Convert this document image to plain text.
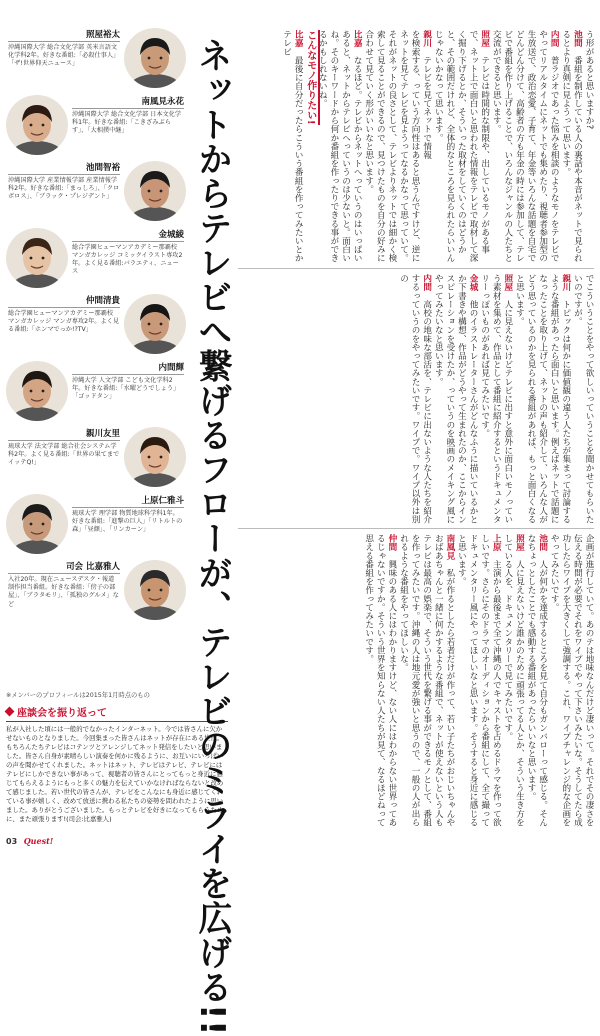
照屋裕太
沖縄国際大学 総合文化学部 英米言語文化学科2年。好きな番組:「必殺仕事人」「ザ!世界仰天ニュース」
南風見永花
沖縄国際大学 総合文化学部 日本文化学科1年。好きな番組:「こきざみぶらす」、「大相撲中継」
池間智裕
沖縄国際大学 産業情報学部 産業情報学科2年。好きな番組:「まっしろ」、「クロボロス」、「ブラック・プレジデント」
金城綾
総合学園ヒューマンアカデミー那覇校 マンガカレッジ コミックイラスト専攻2年。よく見る番組:バラエティ、ニュース
仲間清貴
総合学園ヒューマンアカデミー那覇校 マンガカレッジ マンガ専攻2年。よく見る番組:「ホンマでっか!?TV」
内間輝
沖縄大学 人文学部 こども文化学科2年。好きな番組:「水曜どうでしょう」「ゴッドタン」
親川友里
琉球大学 法文学部 総合社会システム学科2年。よく見る番組:「世界の果てまでイッテQ!」
上原仁雅斗
琉球大学 理学部 物質地球科学科1年。好きな番組:「進撃の巨人」「リトルトの森」「昼顔」、「リンカーン」
司会 比嘉雅人
入社20年。現在ニュースデスク・報道制作担当番組。好きな番組:「傍子の部屋」、「ブラタモリ」、「孤独のグルメ」など
※メンバーのプロフィールは2015年1月時点のもの
座談会を振り返って
私が入社した頃には一般的でなかったインターネット。今では皆さんに欠かせないものとなりました。今回集まった皆さんはネットが存在にある世代。もちろんたちテレビはコテンツとアレンジしてネット発信をしたいと思いました。皆さん自身が素晴らしい演奏を何かに残るように、お互いにいっぱいの声を聞かせてくれました。ネットはネット、テレビはテレビ、テレビにはテレビにしかできない事があって、視聴者の皆さんにとってもっと身近に感じてもらえるようにもっと多くの魅力を伝えていかなければならないと改めて感じました。若い世代の皆さんが、テレビをこんなにも身近に感じてくれている事が嬉しく、改めて放送に携わる私たちの姿勢を問われたように思いました。ありがとうございました。もっとテレビを好きになってもらうために、また頑張ります!(司会:比嘉雅人)	ネットからテレビへ繋げるフローが、テレビのミライを広げる!!	う形があると思いますか?

池間　番組を制作している人の裏話や本音がネットで見られるとより真剣に見ようって思います。

内間　普ラジオであった悩みを相談のようなモノをテレビでやってリアルタイムにネットでも集めたり、視聴者参加型の生放送で、政治恋愛、子育て、年金等いろんな話題を自宅でどんどん分けて、高齢者の方も年金の時には参加して、テレビで番組を作り上げることで、いろんなジャンルの人たちと交流ができると思います。

照屋　テレビは時間的な制限や、出しているモノがある事で、ネット上で面白いと思われた情報をテレビで取材して深く掘り下げるとか、そういった取材をしていくのはどうかと、その範囲だけれど、全体的なところを見られたらいいんじゃないかなって思います。

親川　テレビを見てネットで情報

を検索する、っていう方向性はあると思うんですけど、逆にネットを見てテレビを見ようってなるかなって思っていて。それがネットの良さとして、テレビよりネットでは細かく検索して見ることができるので、見つけたものを自分の好みに合わせて見ていく形がいいなと思います。

比嘉　なるほど。テレビからネットへっていうのはいっぱいあると、ネットからテレビへっていうのは少ないと。面白いね。そのキーワードから何か番組を作ったりできる事ができるかもしれないね。

こんなモノ作りたい!

比嘉　最後に自分だったらこういう番組を作ってみたいとかテレビ

でこういうことをやって欲しいっていうことを聞かせてもらいたいのですが。

親川　トピックは何かに価値観の違う人たちが集まって討論するような番組があったら面白いと思います。例えばネットで話題になったことを取り上げて、ネットの声も紹介して、いろんな人がどう思っているのかを見られる番組があれば、もっと面白くなると思います。

照屋　人に見えないけどテレビに出すと意外に面白いモノっていう素材を集めて、作品として番組に紹介するというドキュメンタリーっぽいものがあれば見てみたいです。

金城　他のイラストレーターさんがどんなふうに描いているかとか下書きや構想、作品がどうやって生まれたのか、ここからインスピレーションを受けたか、っていうのを映画のメイキング風にやってみたいなと思います。

内間　高校の地味な部活を、テレビに出ないような人たちを紹介するっていうのをやってみたいです。ワイプで。ワイプ以外は別の

企画が進行していて。あのテは地味なんだけど凄いって。それでその凄さを伝える時間が必要でそれをワイプでやって下さいみたいな。そうしてたら成功したらワイプを大きくして強調する。これ、ワイプチャレンジ的な企画をやってみたいです。

池間　人が何かを達成するところを見て自分もガンバローって感じる。そんなちょっとしたことでも感動する番組があったらいいなと思います。

照屋　人に見えないけど誰かのために頑張ってる人とか、そういう生き方をしている人を、ドキュメンタリーで見てみたいです。

上原　主演から最後まで全て沖縄の人でキャストを占めるドラマを作って欲しいです。さらにそのドラマのオーディションから番組にして、全て撮ってドキュメンタリー風にやってほしいなと思います。そうすると身近に感じると思います。

南風見　私が作るとしたら若者だけが作って、若い子たちがおじいちゃんやおばあちゃんと一緒に何かするような番組で、ネットが使えないという人もテレビは最高の娯楽で、そういう世代を繋げる事ができるモノとして、番組を作ってみたいです。沖縄の人は地元愛が強いと思うので、一般の人が出られるような番組をやってほしいな。

仲間　興味のある人にはわかりますけど、ない人にはわからない世界ってあるじゃないですか。そういう世界を知らない人たちが見て、なるほどねって思える番組を作ってみたいです。

03 Quest!
